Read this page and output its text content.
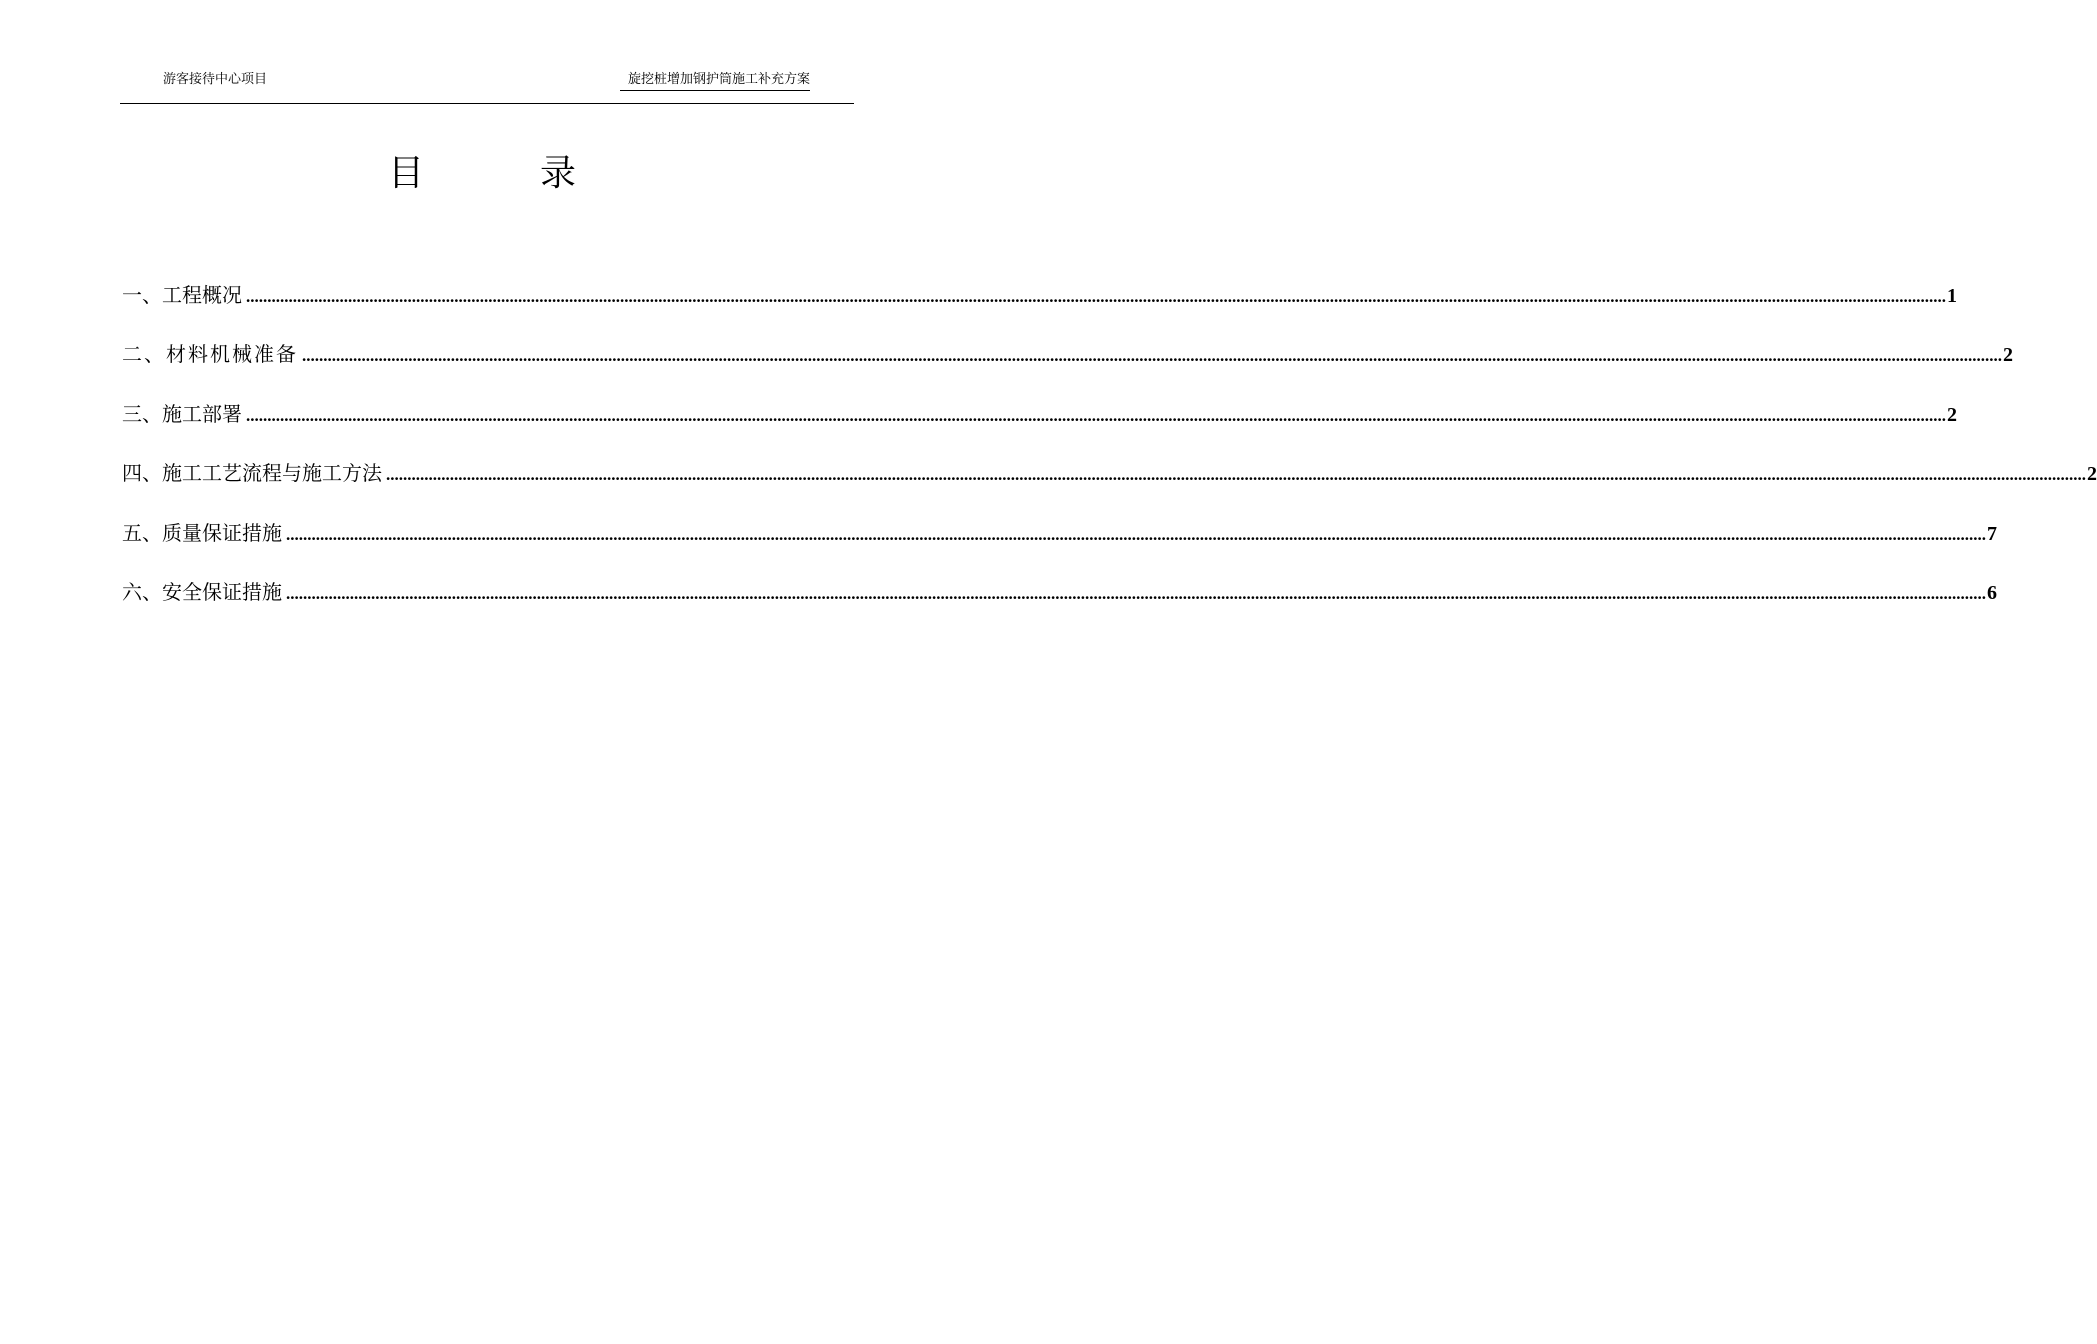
游客接待中心项目	旋挖桩增加钢护筒施工补充方案
目	录
一、工程概况 ................................................................................................................................................................................................................................................................................................................................................................................................................ 1
二、材料机械准备 ................................................................................................................................................................................................................................................................................................................................................................................................................ 2
三、施工部署 ................................................................................................................................................................................................................................................................................................................................................................................................................ 2
四、施工工艺流程与施工方法 ................................................................................................................................................................................................................................................................................................................................................................................................................ 2
五、质量保证措施 ................................................................................................................................................................................................................................................................................................................................................................................................................ 7
六、安全保证措施 ................................................................................................................................................................................................................................................................................................................................................................................................................ 6
